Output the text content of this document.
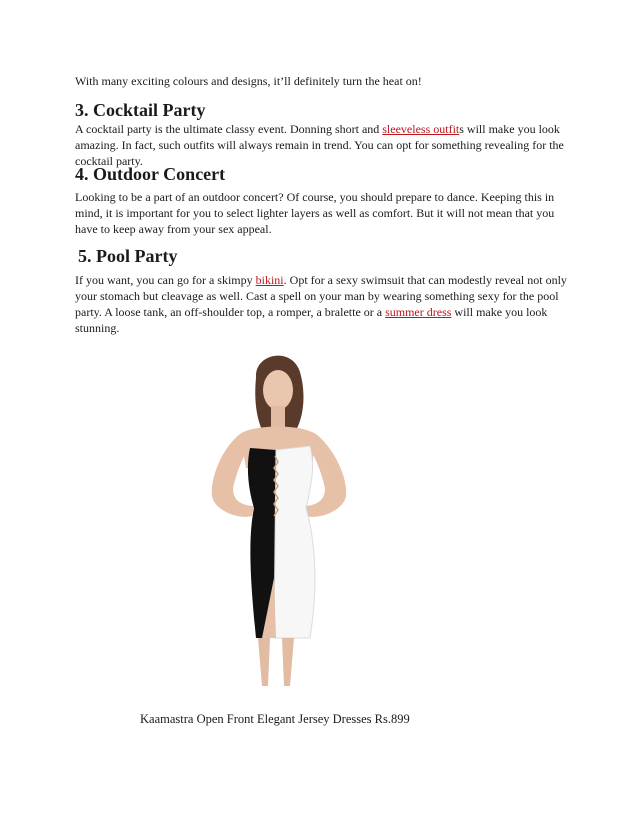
With many exciting colours and designs, it’ll definitely turn the heat on!

3. Cocktail Party

A cocktail party is the ultimate classy event. Donning short and sleeveless outfits will make you look amazing. In fact, such outfits will always remain in trend. You can opt for something revealing for the cocktail party.

4. Outdoor Concert

Looking to be a part of an outdoor concert? Of course, you should prepare to dance. Keeping this in mind, it is important for you to select lighter layers as well as comfort. But it will not mean that you have to keep away from your sex appeal.

5. Pool Party

If you want, you can go for a skimpy bikini. Opt for a sexy swimsuit that can modestly reveal not only your stomach but cleavage as well. Cast a spell on your man by wearing something sexy for the pool party. A loose tank, an off-shoulder top, a romper, a bralette or a summer dress will make you look stunning.

Kaamastra Open Front Elegant Jersey Dresses Rs.899
